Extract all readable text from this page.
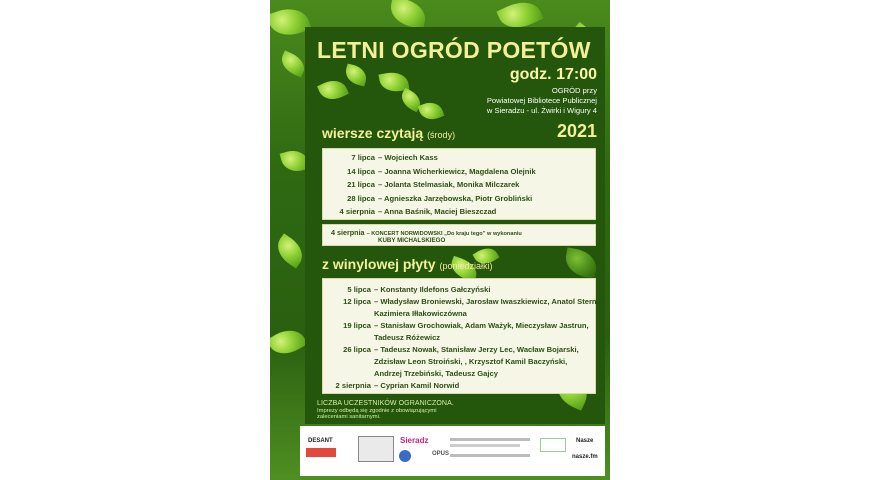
LETNI OGRÓD POETÓW
godz. 17:00
OGRÓD przy
Powiatowej Bibliotece Publicznej
w Sieradzu - ul. Żwirki i Wigury 4
wiersze czytają (środy)	2021
7 lipca – Wojciech Kass
14 lipca – Joanna Wicherkiewicz, Magdalena Olejnik
21 lipca – Jolanta Stelmasiak, Monika Milczarek
28 lipca – Agnieszka Jarzębowska, Piotr Grobliński
4 sierpnia – Anna Baśnik, Maciej Bieszczad
4 sierpnia – KONCERT NORWIDOWSKI „Do kraju tego” w wykonaniu
KUBY MICHALSKIEGO
z winylowej płyty (poniedziałki)
5 lipca – Konstanty Ildefons Gałczyński
12 lipca – Władysław Broniewski, Jarosław Iwaszkiewicz, Anatol Stern,
Kazimiera Iłłakowiczówna
19 lipca – Stanisław Grochowiak, Adam Ważyk, Mieczysław Jastrun,
Tadeusz Różewicz
26 lipca – Tadeusz Nowak, Stanisław Jerzy Lec, Wacław Bojarski,
Zdzisław Leon Stroiński, , Krzysztof Kamil Baczyński,
Andrzej Trzebiński, Tadeusz Gajcy
2 sierpnia – Cyprian Kamil Norwid
LICZBA UCZESTNIKÓW OGRANICZONA.
Imprezy odbędą się zgodnie z obowiązującymi
zaleceniami sanitarnymi.
DESANT	Sieradz
OPUS
Nasze
nasze.fm
